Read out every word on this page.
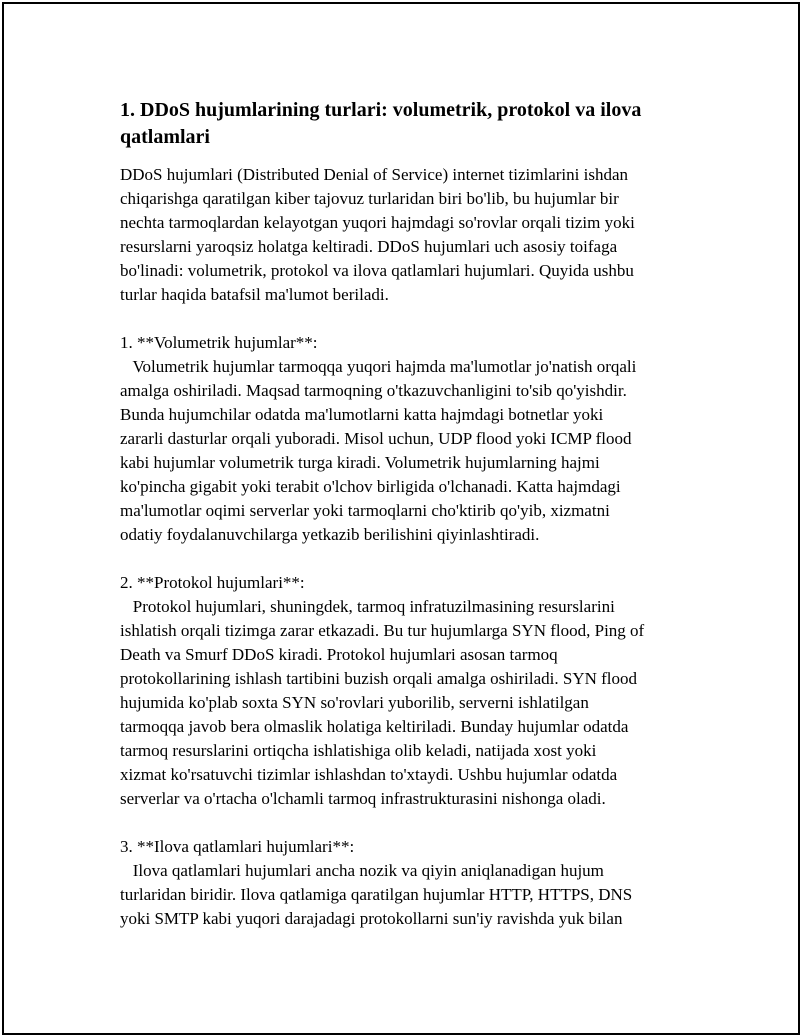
1. DDoS hujumlarining turlari: volumetrik, protokol va ilova
qatlamlari
DDoS hujumlari (Distributed Denial of Service) internet tizimlarini ishdan
chiqarishga qaratilgan kiber tajovuz turlaridan biri bo'lib, bu hujumlar bir
nechta tarmoqlardan kelayotgan yuqori hajmdagi so'rovlar orqali tizim yoki
resurslarni yaroqsiz holatga keltiradi. DDoS hujumlari uch asosiy toifaga
bo'linadi: volumetrik, protokol va ilova qatlamlari hujumlari. Quyida ushbu
turlar haqida batafsil ma'lumot beriladi.
1. **Volumetrik hujumlar**:
Volumetrik hujumlar tarmoqqa yuqori hajmda ma'lumotlar jo'natish orqali
amalga oshiriladi. Maqsad tarmoqning o'tkazuvchanligini to'sib qo'yishdir.
Bunda hujumchilar odatda ma'lumotlarni katta hajmdagi botnetlar yoki
zararli dasturlar orqali yuboradi. Misol uchun, UDP flood yoki ICMP flood
kabi hujumlar volumetrik turga kiradi. Volumetrik hujumlarning hajmi
ko'pincha gigabit yoki terabit o'lchov birligida o'lchanadi. Katta hajmdagi
ma'lumotlar oqimi serverlar yoki tarmoqlarni cho'ktirib qo'yib, xizmatni
odatiy foydalanuvchilarga yetkazib berilishini qiyinlashtiradi.
2. **Protokol hujumlari**:
Protokol hujumlari, shuningdek, tarmoq infratuzilmasining resurslarini
ishlatish orqali tizimga zarar etkazadi. Bu tur hujumlarga SYN flood, Ping of
Death va Smurf DDoS kiradi. Protokol hujumlari asosan tarmoq
protokollarining ishlash tartibini buzish orqali amalga oshiriladi. SYN flood
hujumida ko'plab soxta SYN so'rovlari yuborilib, serverni ishlatilgan
tarmoqqa javob bera olmaslik holatiga keltiriladi. Bunday hujumlar odatda
tarmoq resurslarini ortiqcha ishlatishiga olib keladi, natijada xost yoki
xizmat ko'rsatuvchi tizimlar ishlashdan to'xtaydi. Ushbu hujumlar odatda
serverlar va o'rtacha o'lchamli tarmoq infrastrukturasini nishonga oladi.
3. **Ilova qatlamlari hujumlari**:
Ilova qatlamlari hujumlari ancha nozik va qiyin aniqlanadigan hujum
turlaridan biridir. Ilova qatlamiga qaratilgan hujumlar HTTP, HTTPS, DNS
yoki SMTP kabi yuqori darajadagi protokollarni sun'iy ravishda yuk bilan
